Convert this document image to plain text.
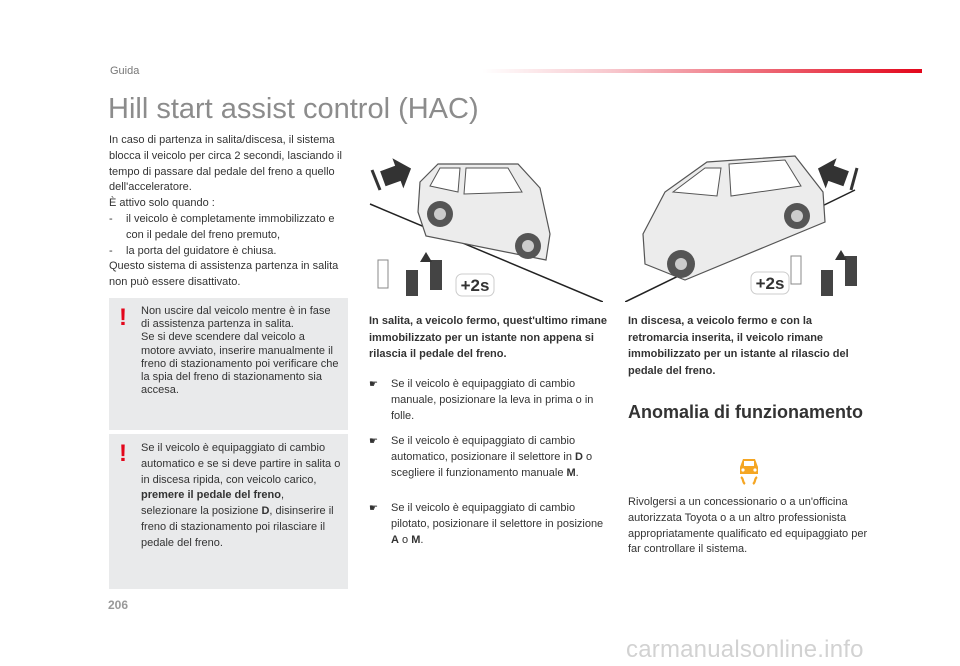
Guida
Hill start assist control (HAC)

In caso di partenza in salita/discesa, il sistema blocca il veicolo per circa 2 secondi, lasciando il tempo di passare dal pedale del freno a quello dell'acceleratore.

È attivo solo quando :

-	il veicolo è completamente immobilizzato e con il pedale del freno premuto,
-	la porta del guidatore è chiusa.

Questo sistema di assistenza partenza in salita non può essere disattivato.

! Non uscire dal veicolo mentre è in fase di assistenza partenza in salita.
Se si deve scendere dal veicolo a motore avviato, inserire manualmente il freno di stazionamento poi verificare che la spia del freno di stazionamento sia accesa.
! Se il veicolo è equipaggiato di cambio automatico e se si deve partire in salita o in discesa ripida, con veicolo carico, premere il pedale del freno, selezionare la posizione D, disinserire il freno di stazionamento poi rilasciare il pedale del freno.
+2s	+2s
In salita, a veicolo fermo, quest'ultimo rimane immobilizzato per un istante non appena si rilascia il pedale del freno.
In discesa, a veicolo fermo e con la retromarcia inserita, il veicolo rimane immobilizzato per un istante al rilascio del pedale del freno.
☛	Se il veicolo è equipaggiato di cambio manuale, posizionare la leva in prima o in folle.
☛	Se il veicolo è equipaggiato di cambio automatico, posizionare il selettore in D o scegliere il funzionamento manuale M.
☛	Se il veicolo è equipaggiato di cambio pilotato, posizionare il selettore in posizione A o M.
Anomalia di funzionamento
Rivolgersi a un concessionario o a un'officina autorizzata Toyota o a un altro professionista appropriatamente qualificato ed equipaggiato per far controllare il sistema.
206
carmanualsonline.info
